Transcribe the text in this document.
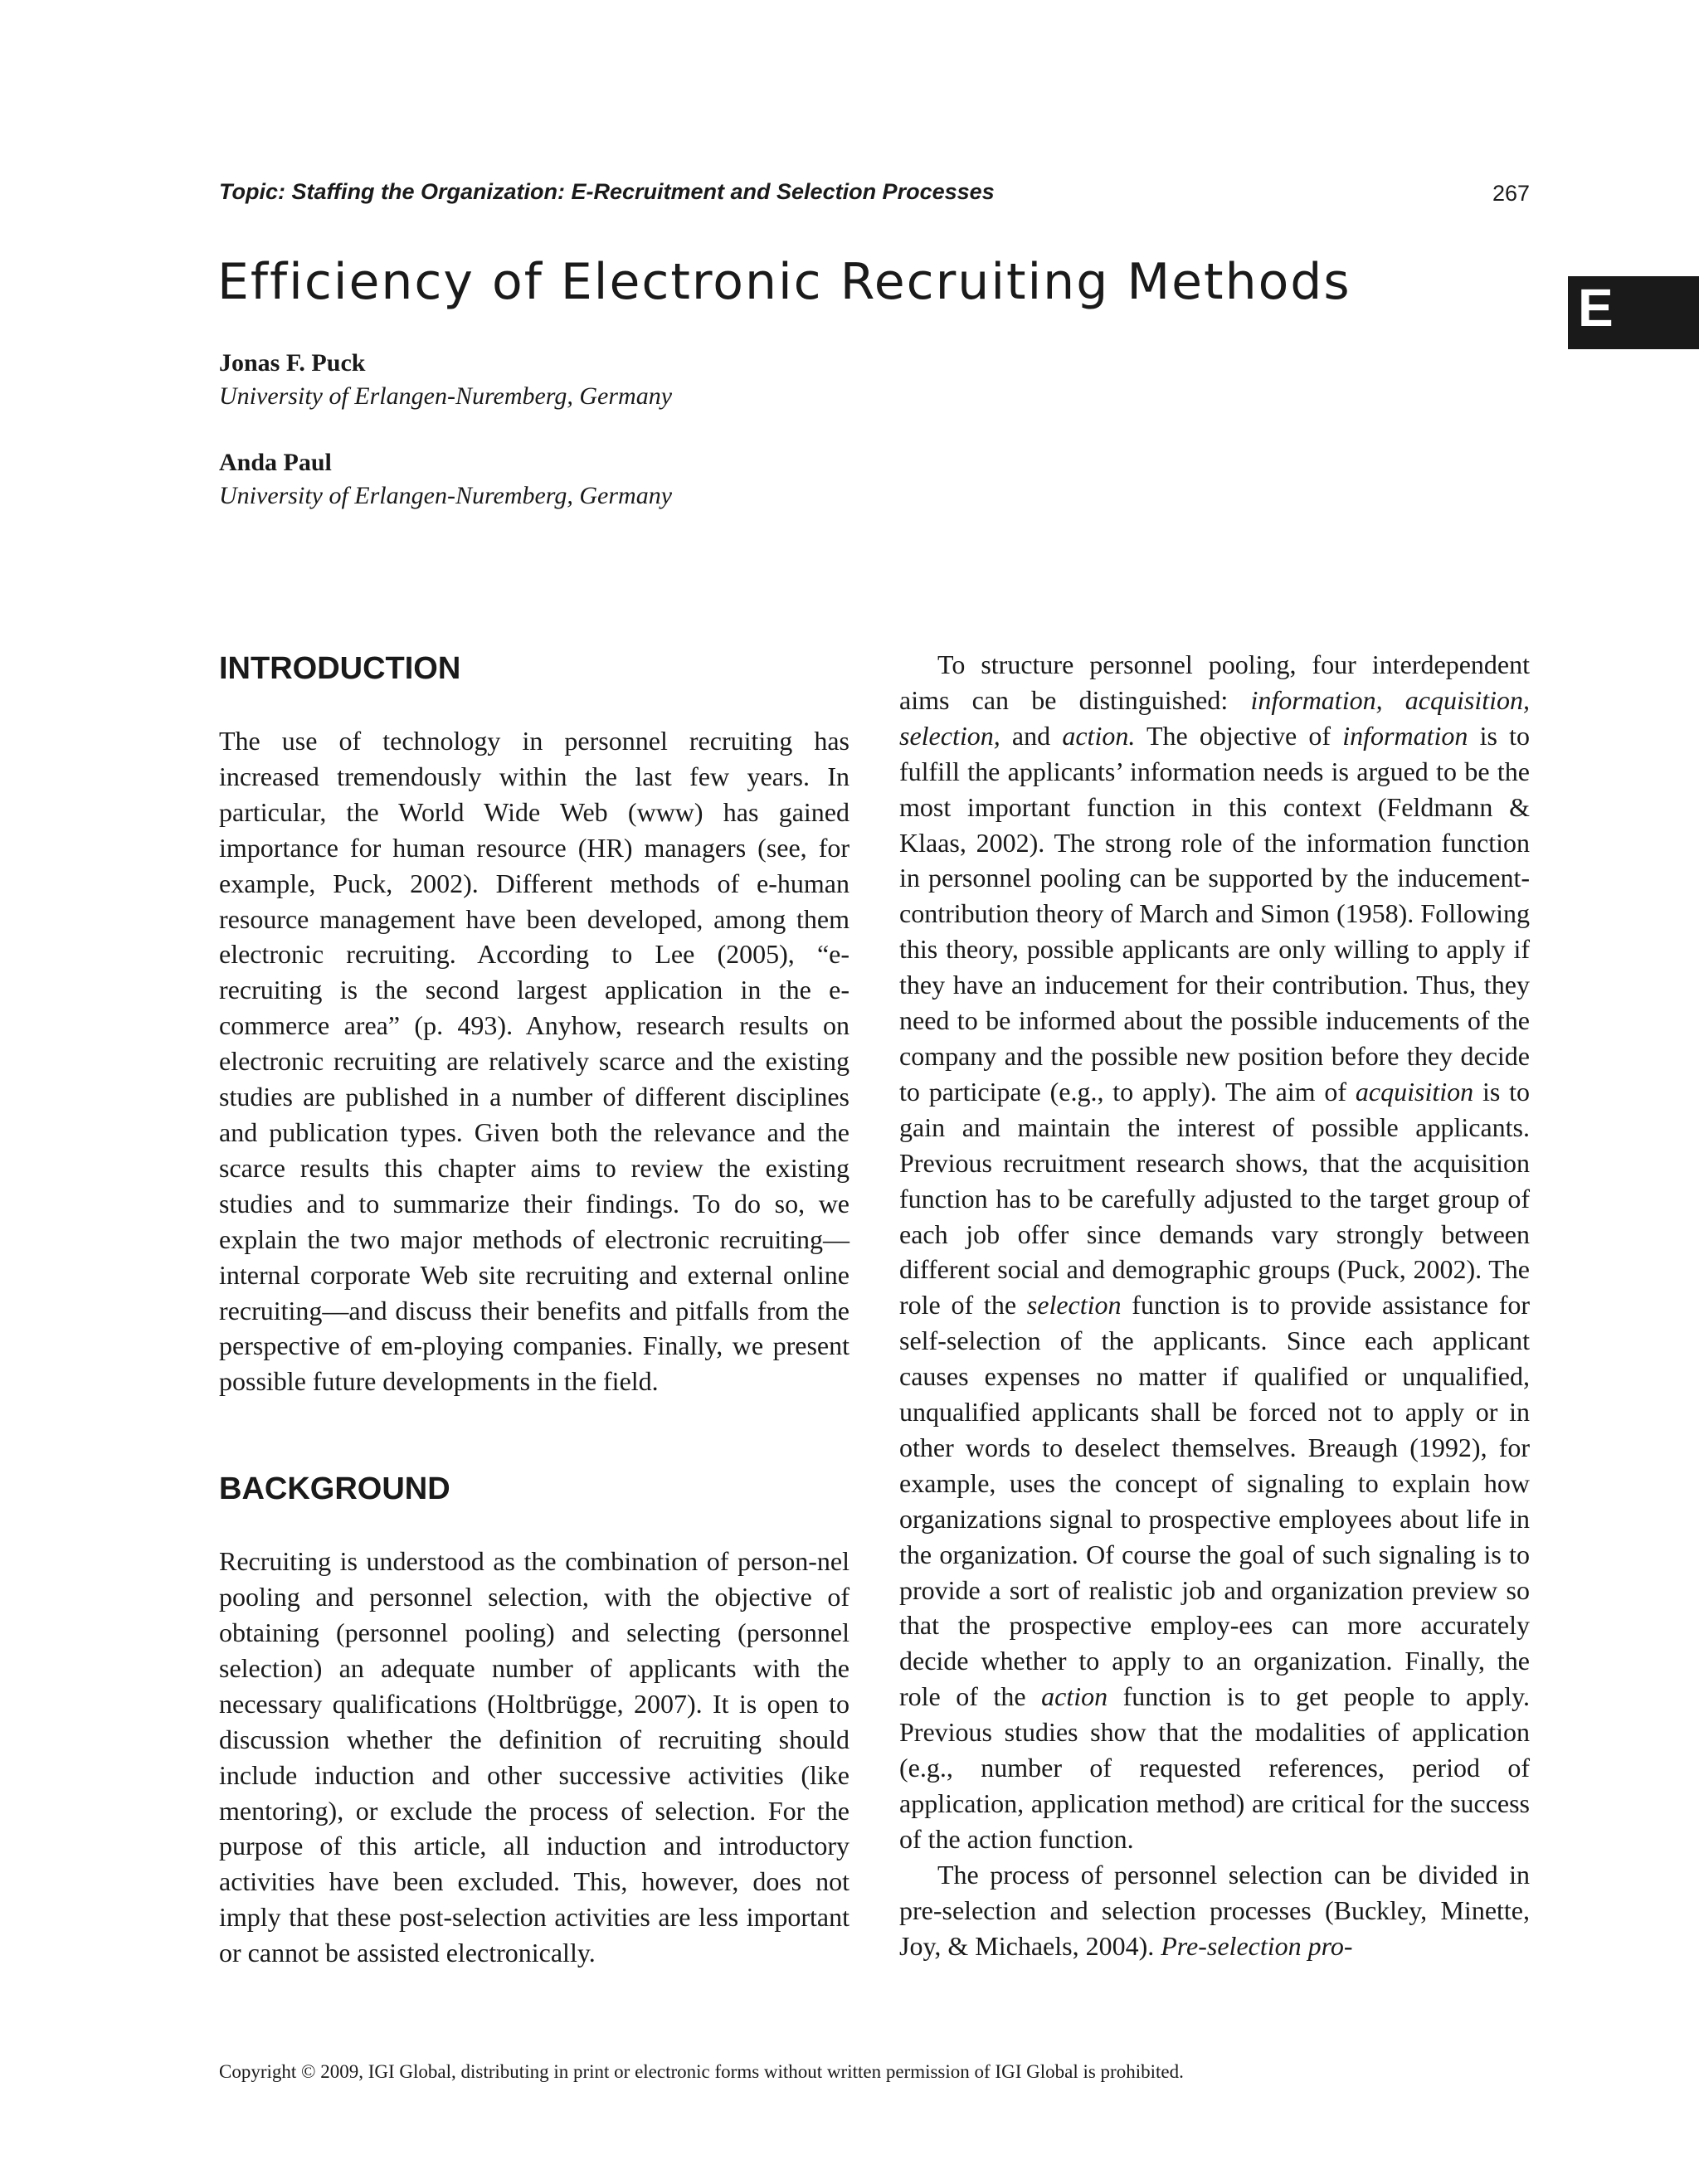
Topic: Staffing the Organization: E-Recruitment and Selection Processes	267
E
Efficiency of Electronic Recruiting Methods
Jonas F. Puck
University of Erlangen-Nuremberg, Germany
Anda Paul
University of Erlangen-Nuremberg, Germany
INTRODUCTION

The use of technology in personnel recruiting has increased tremendously within the last few years. In particular, the World Wide Web (www) has gained importance for human resource (HR) managers (see, for example, Puck, 2002). Different methods of e-human resource management have been developed, among them electronic recruiting. According to Lee (2005), “e-recruiting is the second largest application in the e-commerce area” (p. 493). Anyhow, research results on electronic recruiting are relatively scarce and the existing studies are published in a number of different disciplines and publication types. Given both the relevance and the scarce results this chapter aims to review the existing studies and to summarize their findings. To do so, we explain the two major methods of electronic recruiting—internal corporate Web site recruiting and external online recruiting—and discuss their benefits and pitfalls from the perspective of em-ploying companies. Finally, we present possible future developments in the field.

BACKGROUND

Recruiting is understood as the combination of person-nel pooling and personnel selection, with the objective of obtaining (personnel pooling) and selecting (personnel selection) an adequate number of applicants with the necessary qualifications (Holtbrügge, 2007). It is open to discussion whether the definition of recruiting should include induction and other successive activities (like mentoring), or exclude the process of selection. For the purpose of this article, all induction and introductory activities have been excluded. This, however, does not imply that these post-selection activities are less important or cannot be assisted electronically.

To structure personnel pooling, four interdependent aims can be distinguished: information, acquisition, selection, and action. The objective of information is to fulfill the applicants’ information needs is argued to be the most important function in this context (Feldmann & Klaas, 2002). The strong role of the information function in personnel pooling can be supported by the inducement-contribution theory of March and Simon (1958). Following this theory, possible applicants are only willing to apply if they have an inducement for their contribution. Thus, they need to be informed about the possible inducements of the company and the possible new position before they decide to participate (e.g., to apply). The aim of acquisition is to gain and maintain the interest of possible applicants. Previous recruitment research shows, that the acquisition function has to be carefully adjusted to the target group of each job offer since demands vary strongly between different social and demographic groups (Puck, 2002). The role of the selection function is to provide assistance for self-selection of the applicants. Since each applicant causes expenses no matter if qualified or unqualified, unqualified applicants shall be forced not to apply or in other words to deselect themselves. Breaugh (1992), for example, uses the concept of signaling to explain how organizations signal to prospective employees about life in the organization. Of course the goal of such signaling is to provide a sort of realistic job and organization preview so that the prospective employ-ees can more accurately decide whether to apply to an organization. Finally, the role of the action function is to get people to apply. Previous studies show that the modalities of application (e.g., number of requested references, period of application, application method) are critical for the success of the action function.

The process of personnel selection can be divided in pre-selection and selection processes (Buckley, Minette, Joy, & Michaels, 2004). Pre-selection pro-

Copyright © 2009, IGI Global, distributing in print or electronic forms without written permission of IGI Global is prohibited.
